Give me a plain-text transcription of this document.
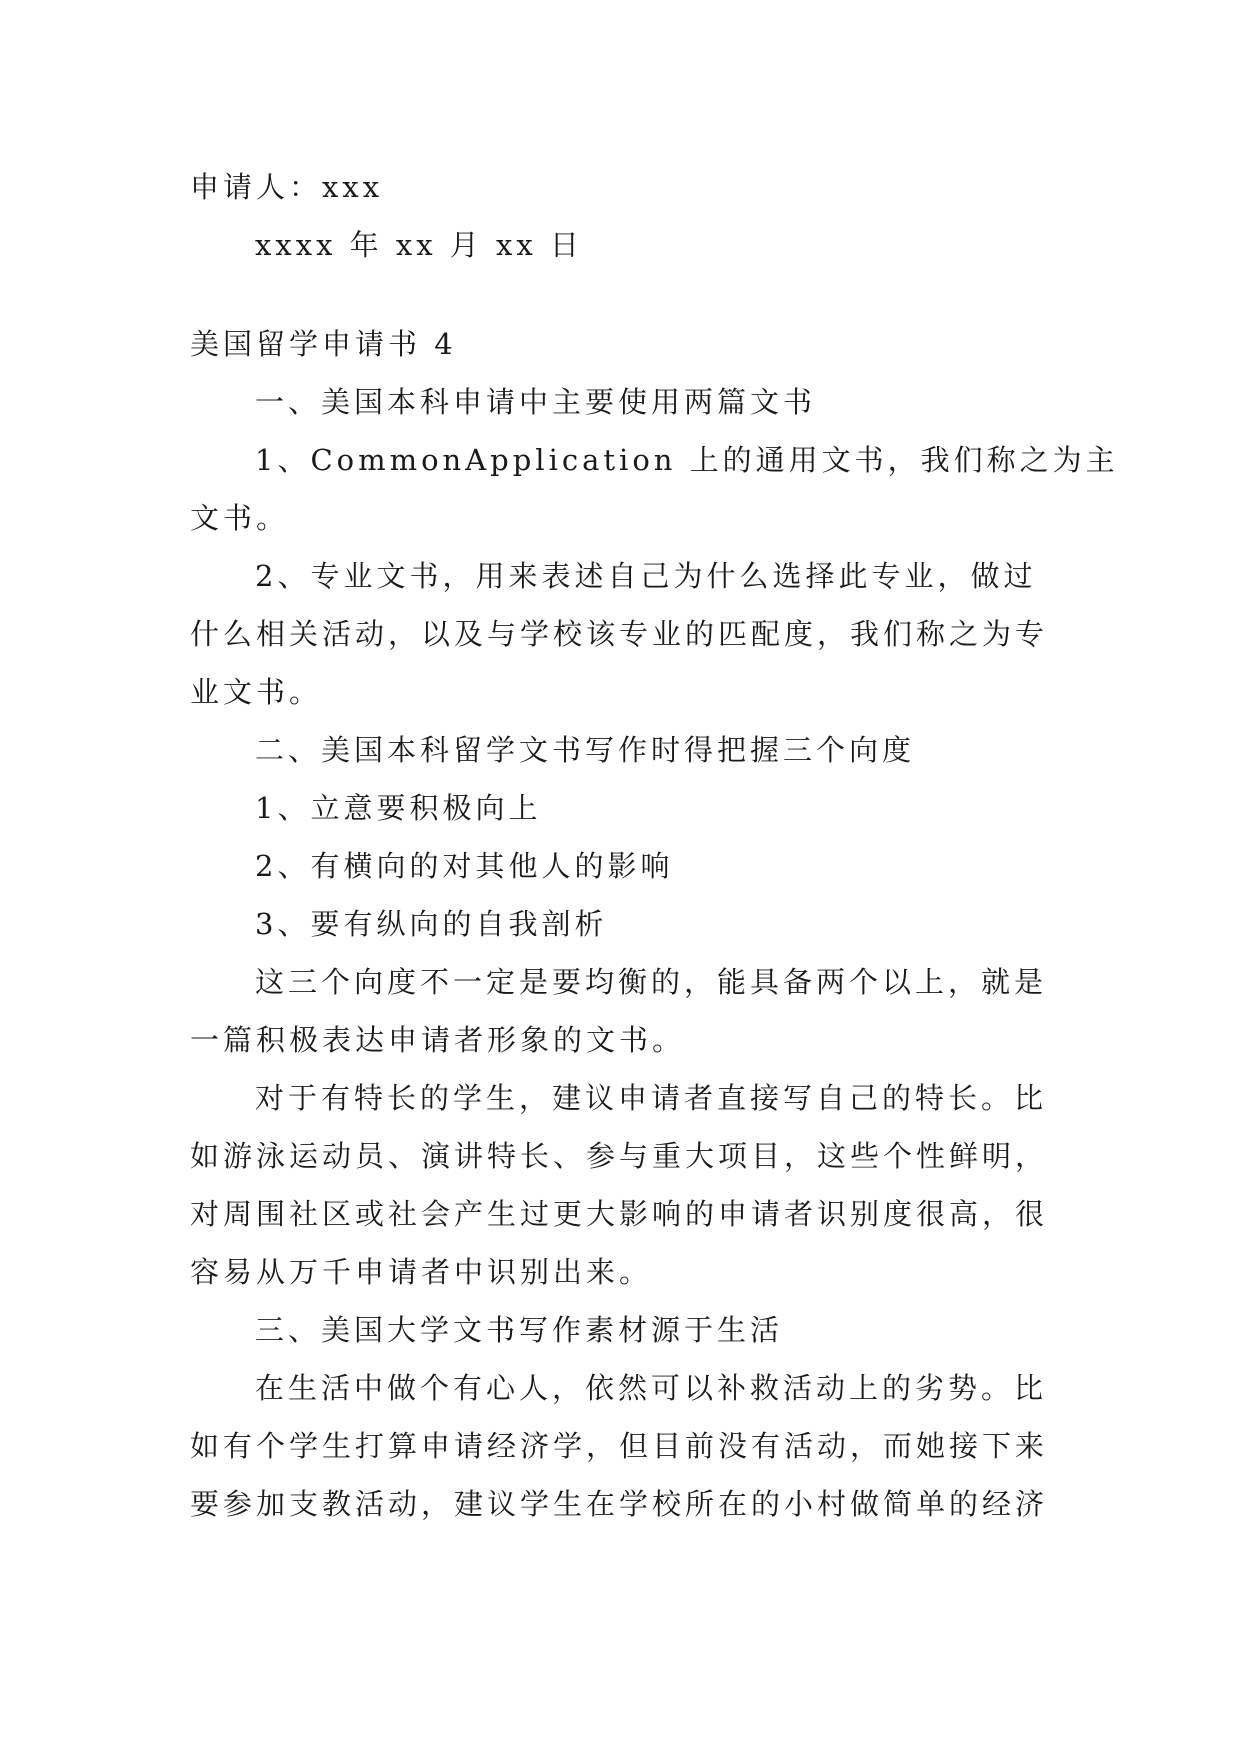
申请人：xxx
xxxx 年 xx 月 xx 日
美国留学申请书 4
一、美国本科申请中主要使用两篇文书
1、CommonApplication 上的通用文书，我们称之为主
文书。
2、专业文书，用来表述自己为什么选择此专业，做过
什么相关活动，以及与学校该专业的匹配度，我们称之为专
业文书。
二、美国本科留学文书写作时得把握三个向度
1、立意要积极向上
2、有横向的对其他人的影响
3、要有纵向的自我剖析
这三个向度不一定是要均衡的，能具备两个以上，就是
一篇积极表达申请者形象的文书。
对于有特长的学生，建议申请者直接写自己的特长。比
如游泳运动员、演讲特长、参与重大项目，这些个性鲜明，
对周围社区或社会产生过更大影响的申请者识别度很高，很
容易从万千申请者中识别出来。
三、美国大学文书写作素材源于生活
在生活中做个有心人，依然可以补救活动上的劣势。比
如有个学生打算申请经济学，但目前没有活动，而她接下来
要参加支教活动，建议学生在学校所在的小村做简单的经济
